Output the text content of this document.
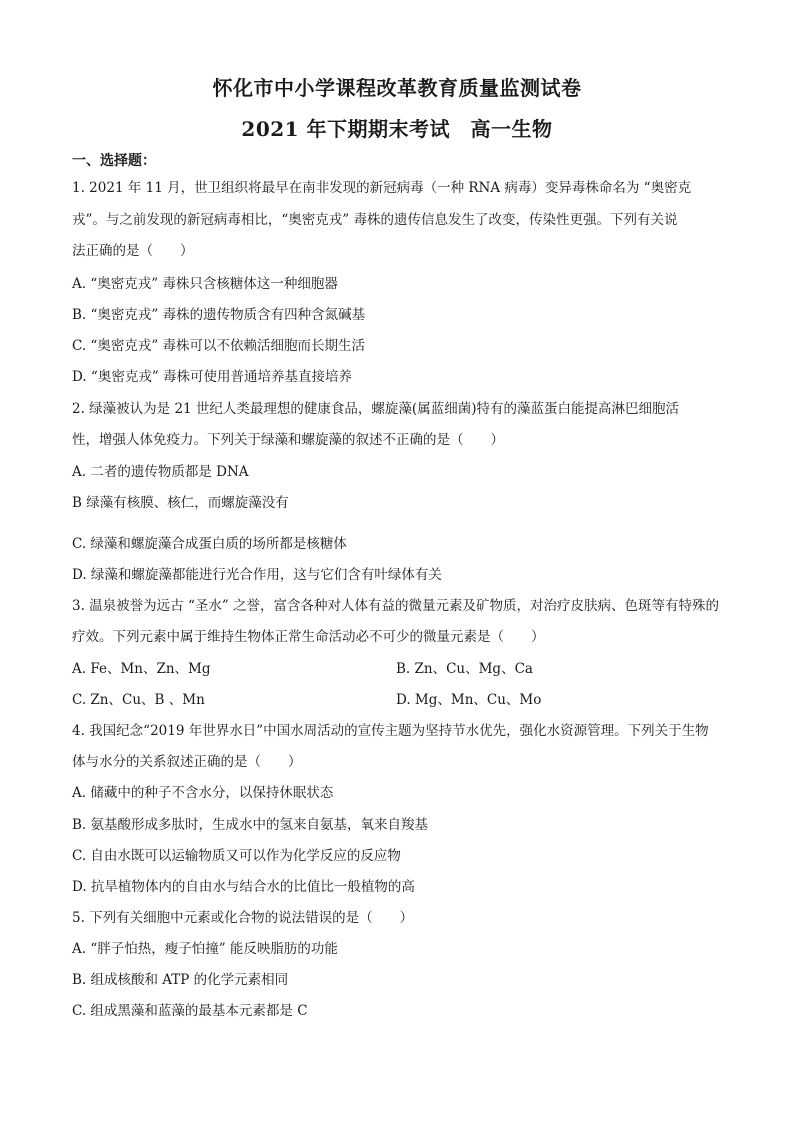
怀化市中小学课程改革教育质量监测试卷
2021 年下期期末考试　高一生物
一、选择题：
1. 2021 年 11 月，世卫组织将最早在南非发现的新冠病毒（一种 RNA 病毒）变异毒株命名为 “奥密克
戎”。与之前发现的新冠病毒相比，“奥密克戎” 毒株的遗传信息发生了改变，传染性更强。下列有关说
法正确的是（　　）
A. “奥密克戎” 毒株只含核糖体这一种细胞器
B. “奥密克戎” 毒株的遗传物质含有四种含氮碱基
C. “奥密克戎” 毒株可以不依赖活细胞而长期生活
D. “奥密克戎” 毒株可使用普通培养基直接培养
2. 绿藻被认为是 21 世纪人类最理想的健康食品，螺旋藻(属蓝细菌)特有的藻蓝蛋白能提高淋巴细胞活
性，增强人体免疫力。下列关于绿藻和螺旋藻的叙述不正确的是（　　）
A. 二者的遗传物质都是 DNA
B 绿藻有核膜、核仁，而螺旋藻没有
C. 绿藻和螺旋藻合成蛋白质的场所都是核糖体
D. 绿藻和螺旋藻都能进行光合作用，这与它们含有叶绿体有关
3. 温泉被誉为远古 “圣水” 之誉，富含各种对人体有益的微量元素及矿物质，对治疗皮肤病、色斑等有特殊的
疗效。下列元素中属于维持生物体正常生命活动必不可少的微量元素是（　　）
A. Fe、Mn、Zn、Mg	B. Zn、Cu、Mg、Ca
C. Zn、Cu、B 、Mn	D. Mg、Mn、Cu、Mo
4. 我国纪念“2019 年世界水日”中国水周活动的宣传主题为坚持节水优先，强化水资源管理。下列关于生物
体与水分的关系叙述正确的是（　　）
A. 储藏中的种子不含水分，以保持休眠状态
B. 氨基酸形成多肽时，生成水中的氢来自氨基，氧来自羧基
C. 自由水既可以运输物质又可以作为化学反应的反应物
D. 抗旱植物体内的自由水与结合水的比值比一般植物的高
5. 下列有关细胞中元素或化合物的说法错误的是（　　）
A. “胖子怕热，瘦子怕撞” 能反映脂肪的功能
B. 组成核酸和 ATP 的化学元素相同
C. 组成黑藻和蓝藻的最基本元素都是 C
